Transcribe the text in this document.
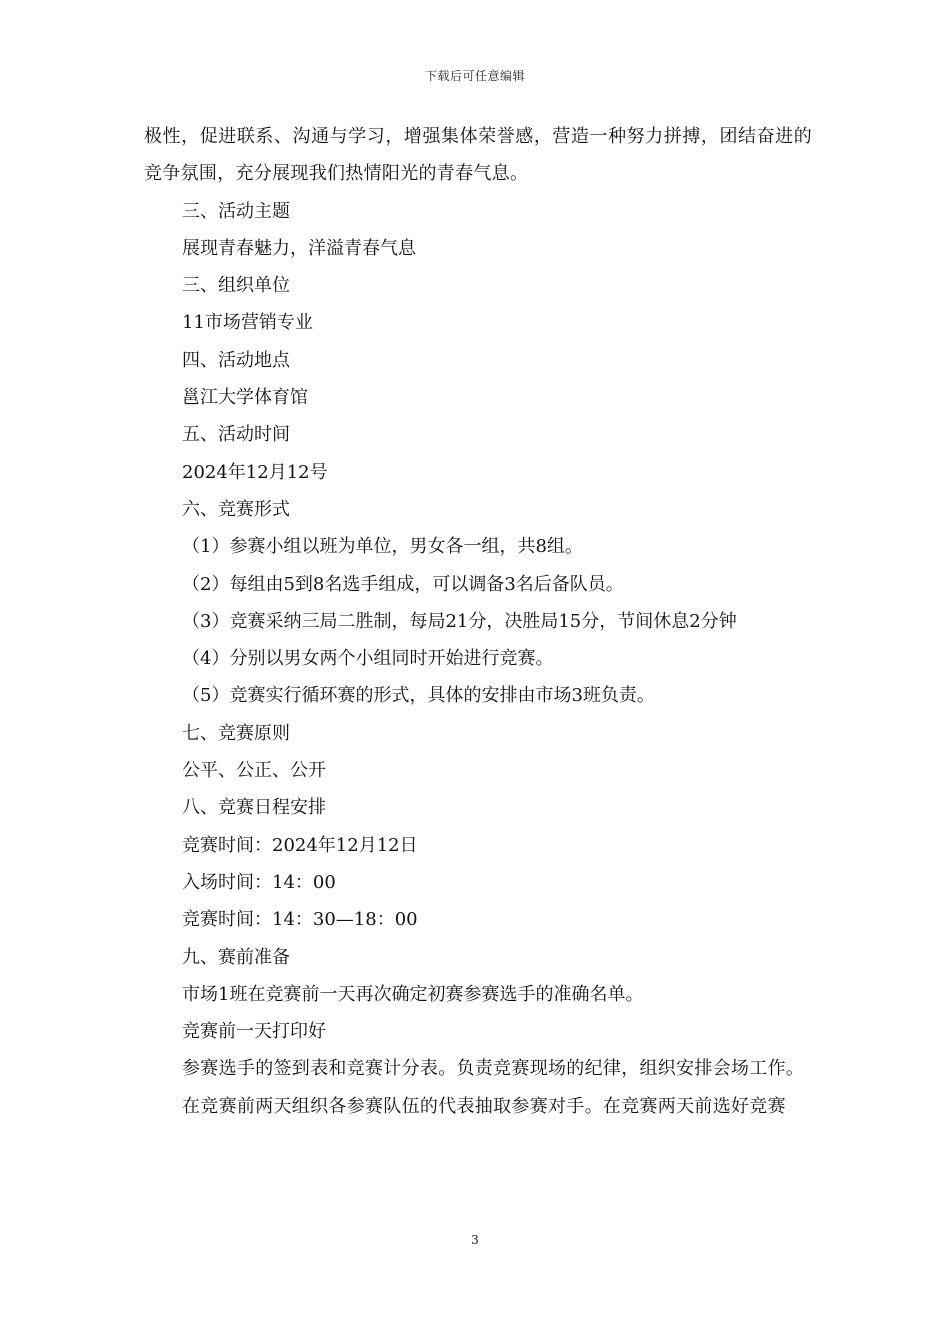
下载后可任意编辑

极性，促进联系、沟通与学习，增强集体荣誉感，营造一种努力拼搏，团结奋进的竞争氛围，充分展现我们热情阳光的青春气息。

三、活动主题

展现青春魅力，洋溢青春气息

三、组织单位

11市场营销专业

四、活动地点

邕江大学体育馆

五、活动时间

2024年12月12号

六、竞赛形式

（1）参赛小组以班为单位，男女各一组，共8组。

（2）每组由5到8名选手组成，可以调备3名后备队员。

（3）竞赛采纳三局二胜制，每局21分，决胜局15分，节间休息2分钟

（4）分别以男女两个小组同时开始进行竞赛。

（5）竞赛实行循环赛的形式，具体的安排由市场3班负责。

七、竞赛原则

公平、公正、公开

八、竞赛日程安排

竞赛时间：2024年12月12日

入场时间：14：00

竞赛时间：14：30—18：00

九、赛前准备

市场1班在竞赛前一天再次确定初赛参赛选手的准确名单。

竞赛前一天打印好

参赛选手的签到表和竞赛计分表。负责竞赛现场的纪律，组织安排会场工作。

在竞赛前两天组织各参赛队伍的代表抽取参赛对手。在竞赛两天前选好竞赛

3
